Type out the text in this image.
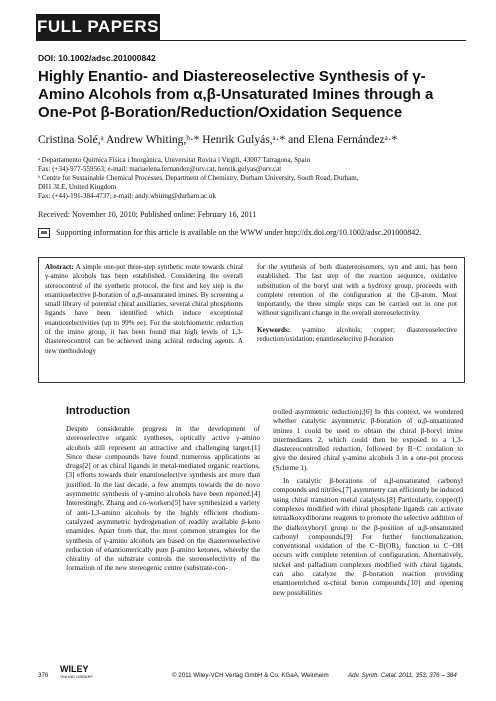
FULL PAPERS
DOI: 10.1002/adsc.201000842
Highly Enantio- and Diastereoselective Synthesis of γ-Amino Alcohols from α,β-Unsaturated Imines through a One-Pot β-Boration/Reduction/Oxidation Sequence
Cristina Solé,ᵃ Andrew Whiting,ᵇ·* Henrik Gulyás,ᵃ·* and Elena Fernándezᵃ·*
ᵃ Departamento Química Física i Inorgànica, Universitat Rovira i Virgili, 43007 Tarragona, Spain
Fax: (+34)-977-559563; e-mail: mariaelena.fernandez@urv.cat, henrik.gulyas@urv.cat
ᵇ Centre for Sustainable Chemical Processes, Department of Chemistry, Durham University, South Road, Durham,
DH1 3LE, United Kingdom
Fax: (+44)-191-384-4737; e-mail: andy.whiting@durham.ac.uk
Received: November 10, 2010; Published online: February 16, 2011
Supporting information for this article is available on the WWW under http://dx.doi.org/10.1002/adsc.201000842.
Abstract: A simple one-pot three-step synthetic route towards chiral γ-amino alcohols has been established. Considering the overall stereocontrol of the synthetic protocol, the first and key step is the enantioselective β-boration of α,β-unsaturated imines. By screening a small library of potential chiral auxiliaries, several chiral phosphorus ligands have been identified which induce exceptional enantioselectivities (up to 99% ee). For the stoichiometric reduction of the imino group, it has been found that high levels of 1,3-diastereocontrol can be achieved using achiral reducing agents. A new methodology
for the synthesis of both diastereoisomers, syn and anti, has been established. The last step of the reaction sequence, oxidative substitution of the boryl unit with a hydroxy group, proceeds with complete retention of the configuration at the Cβ-atom. Most importantly, the three simple steps can be carried out in one pot without significant change in the overall stereoselectivity.
Keywords: γ-amino alcohols; copper; diastereoselective reduction/oxidation; enantioselective β-boration
Introduction
Despite considerable progress in the development of stereoselective organic syntheses, optically active γ-amino alcohols still represent an attractive and challenging target.[1] Since these compounds have found numerous applications as drugs[2] or as chiral ligands in metal-mediated organic reactions,[3] efforts towards their enantioselective synthesis are more than justified. In the last decade, a few attempts towards the de novo asymmetric synthesis of γ-amino alcohols have been reported.[4] Interestingly, Zhang and co-workers[5] have synthesized a variety of anti-1,3-amino alcohols by the highly efficient rhodium-catalyzed asymmetric hydrogenation of readily available β-keto enamides. Apart from that, the most common strategies for the synthesis of γ-amino alcohols are based on the diastereoselective reduction of enantiomerically pure β-amino ketones, whereby the chirality of the substrate controls the stereoselectivity of the formation of the new stereogenic centre (substrate-con-
trolled asymmetric reduction).[6] In this context, we wondered whether catalytic asymmetric β-boration of α,β-unsaturated imines 1 could be used to obtain the chiral β-boryl imine intermediates 2, which could then be exposed to a 1,3-diastereocontrolled reduction, followed by B−C oxidation to give the desired chiral γ-amino alcohols 3 in a one-pot process (Scheme 1).
In catalytic β-borations of α,β-unsaturated carbonyl compounds and nitriles,[7] asymmetry can efficiently be induced using chiral transition metal catalysts.[8] Particularly, copper(I) complexes modified with chiral phosphine ligands can activate tetraalkoxydiborane reagents to promote the selective addition of the dialkoxyboryl group to the β-position of α,β-unsaturated carbonyl compounds.[9] For further functionalization, conventional oxidation of the C−B(OR)₂ function to C−OH occurs with complete retention of configuration. Alternatively, nickel and palladium complexes modified with chiral ligands, can also catalyze the β-boration reaction providing enantioenriched α-chiral boron compounds,[10] and opening new possibilities
376
WILEY
ONLINE LIBRARY	© 2011 Wiley-VCH Verlag GmbH & Co. KGaA, Weinheim	Adv. Synth. Catal. 2011, 353, 376 – 384
